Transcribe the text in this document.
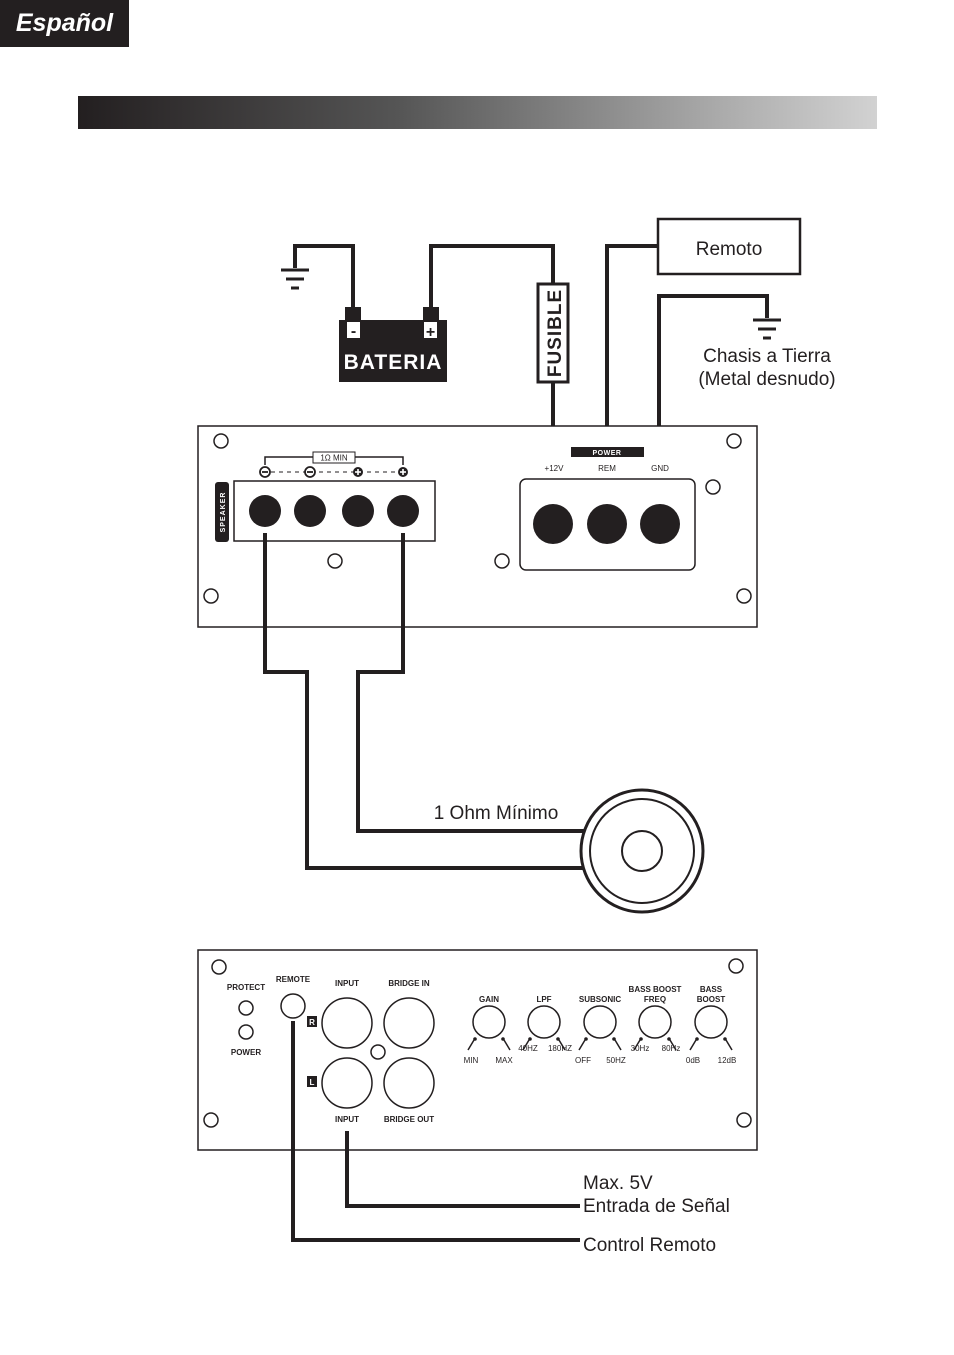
Español
Remoto
-	+
BATERIA	FUSIBLE	Chasis a Tierra
(Metal desnudo)
SPEAKER
1Ω MIN	POWER
+12V	REM	GND
1 Ohm Mínimo
PROTECT
POWER
REMOTE	INPUT	BRIDGE IN
INPUT	BRIDGE OUT
R
L
GAIN	LPF	SUBSONIC
BASS BOOST
FREQ
BASS
BOOST
MIN MAX
40HZ 180HZ
OFF 50HZ
30Hz 80Hz
0dB 12dB
Max. 5V
Entrada de Señal
Control Remoto
